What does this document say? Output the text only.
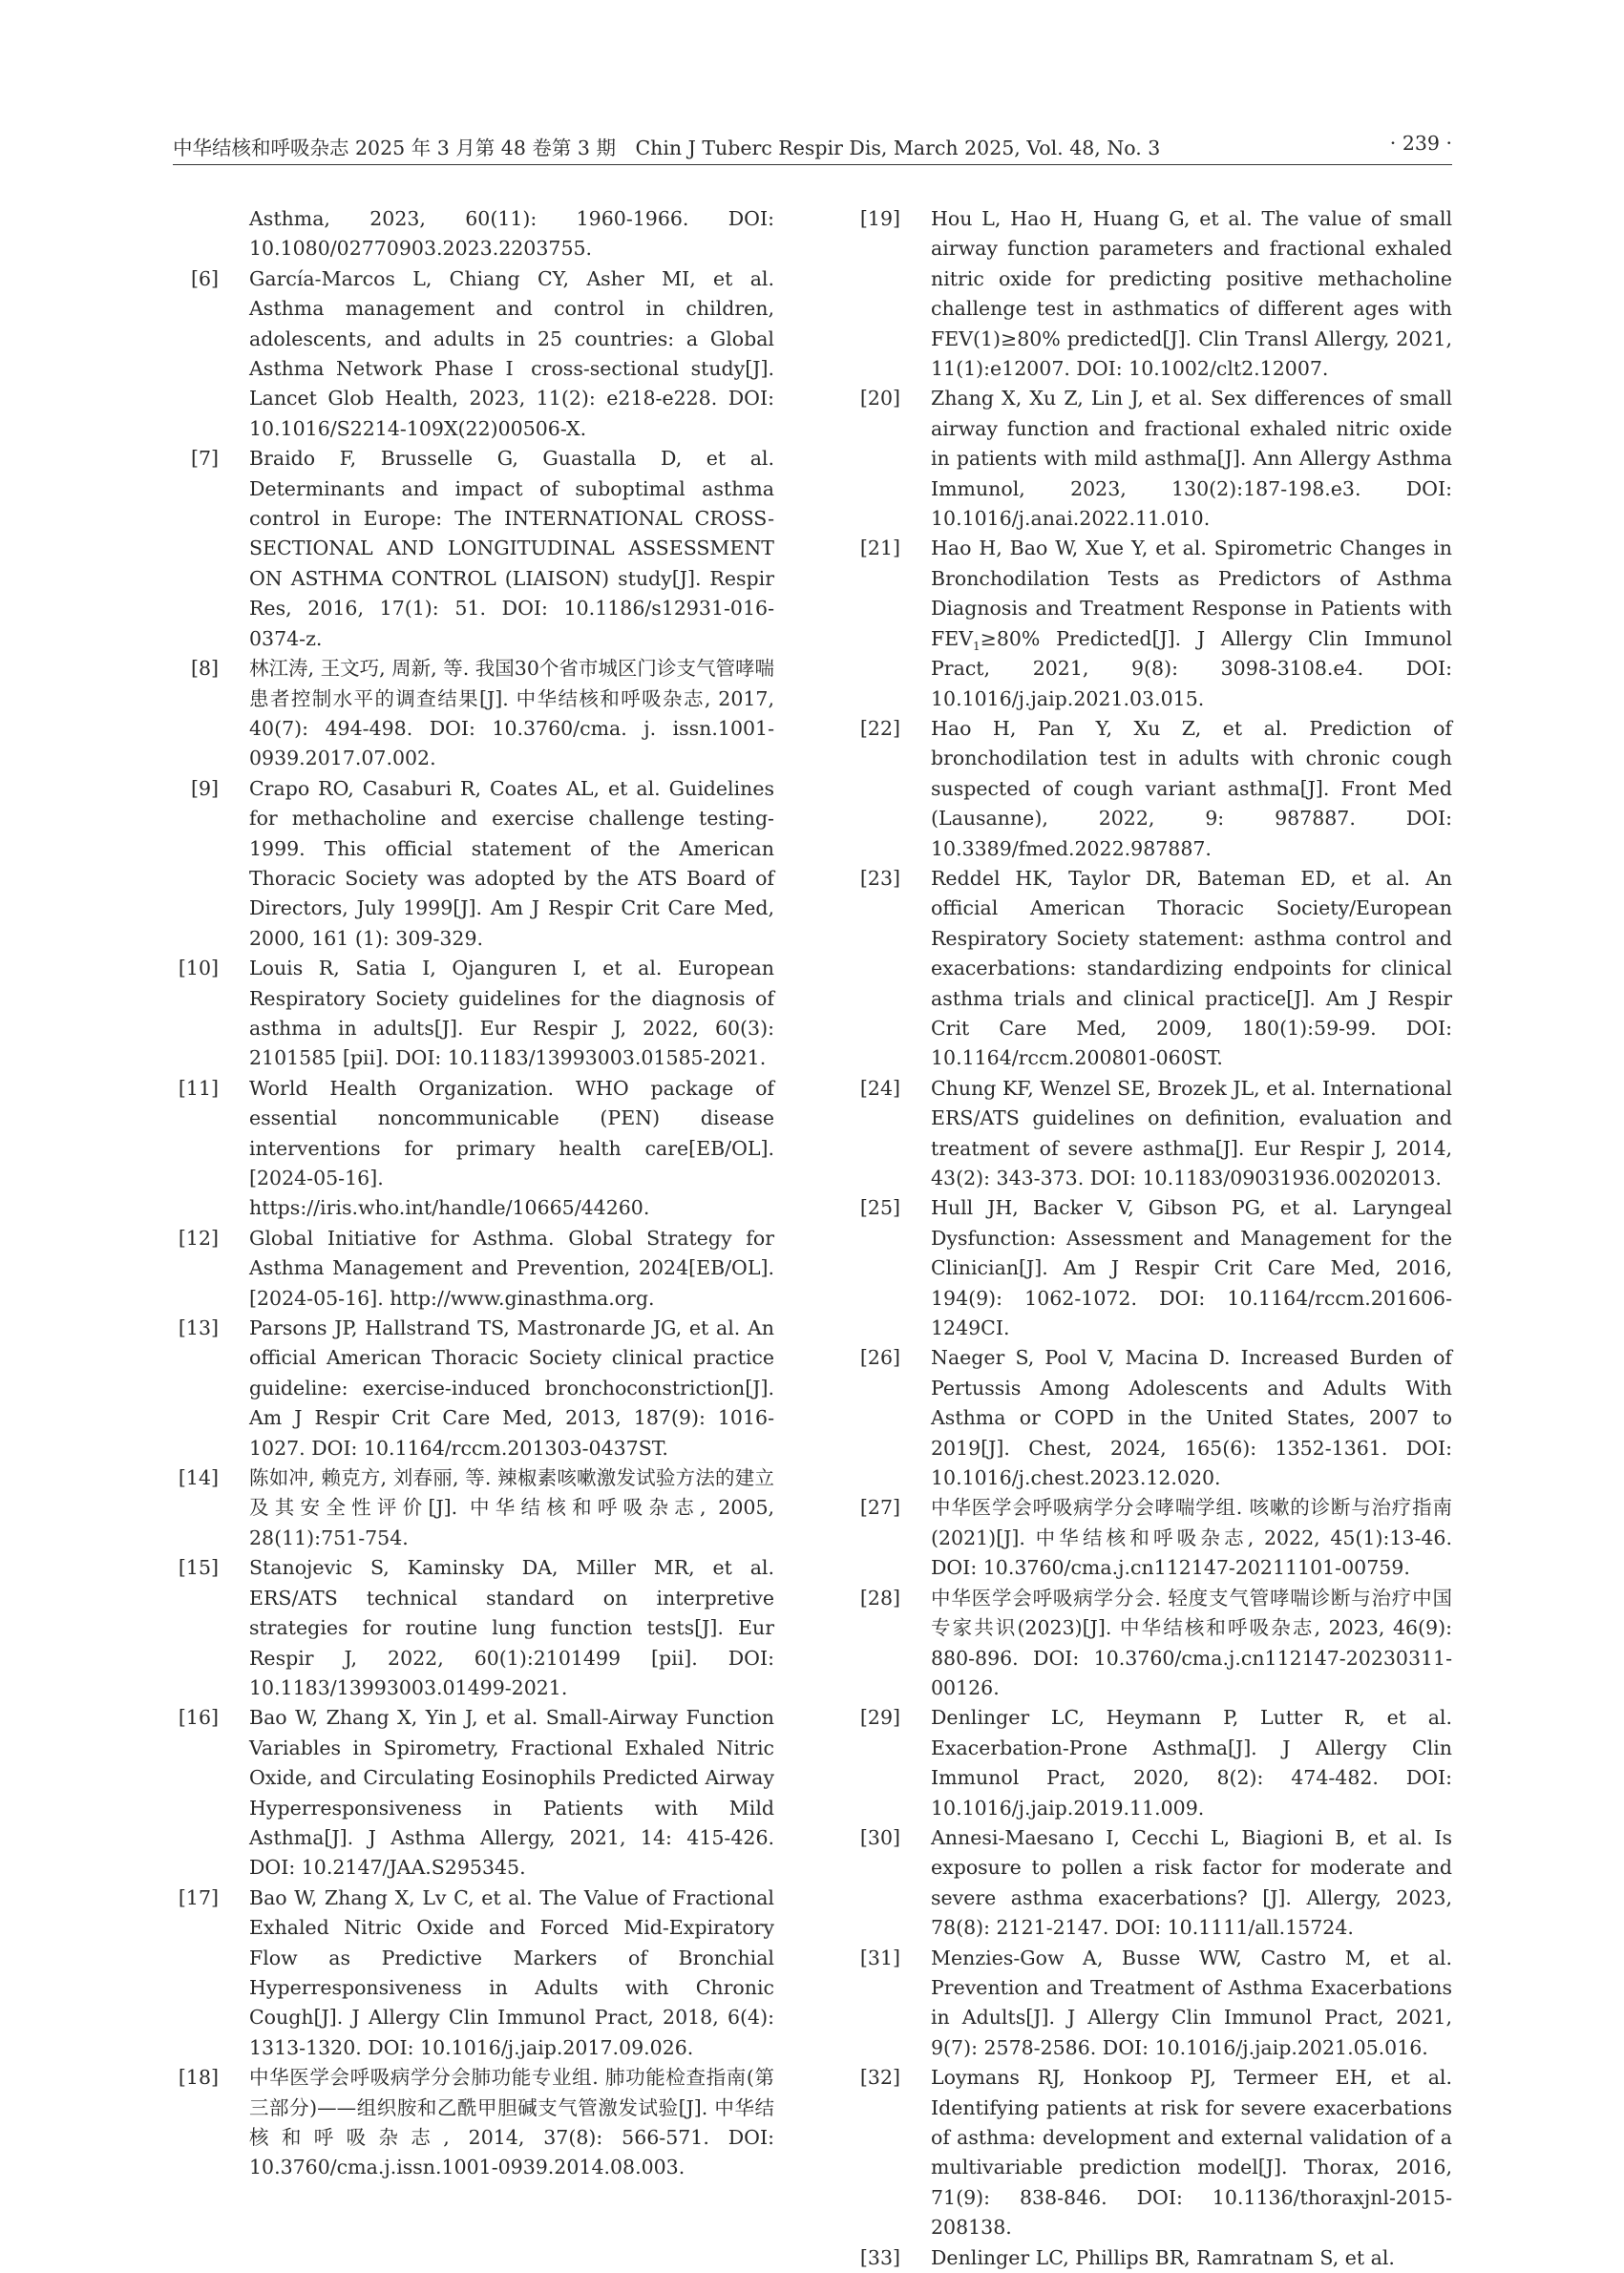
中华结核和呼吸杂志 2025 年 3 月第 48 卷第 3 期　Chin J Tuberc Respir Dis, March 2025, Vol. 48, No. 3	· 239 ·
Asthma, 2023, 60(11): 1960-1966. DOI: 10.1080/02770903.2023.2203755.
[6] García-Marcos L, Chiang CY, Asher MI, et al. Asthma management and control in children, adolescents, and adults in 25 countries: a Global Asthma Network Phase Ⅰ cross-sectional study[J]. Lancet Glob Health, 2023, 11(2): e218-e228. DOI: 10.1016/S2214-109X(22)00506-X.
[7] Braido F, Brusselle G, Guastalla D, et al. Determinants and impact of suboptimal asthma control in Europe: The INTERNATIONAL CROSS-SECTIONAL AND LONGITUDINAL ASSESSMENT ON ASTHMA CONTROL (LIAISON) study[J]. Respir Res, 2016, 17(1): 51. DOI: 10.1186/s12931-016-0374-z.
[8] 林江涛, 王文巧, 周新, 等. 我国30个省市城区门诊支气管哮喘患者控制水平的调查结果[J]. 中华结核和呼吸杂志, 2017, 40(7): 494-498. DOI: 10.3760/cma. j. issn.1001-0939.2017.07.002.
[9] Crapo RO, Casaburi R, Coates AL, et al. Guidelines for methacholine and exercise challenge testing-1999. This official statement of the American Thoracic Society was adopted by the ATS Board of Directors, July 1999[J]. Am J Respir Crit Care Med, 2000, 161 (1): 309-329.
[10] Louis R, Satia I, Ojanguren I, et al. European Respiratory Society guidelines for the diagnosis of asthma in adults[J]. Eur Respir J, 2022, 60(3): 2101585 [pii]. DOI: 10.1183/13993003.01585-2021.
[11] World Health Organization. WHO package of essential noncommunicable (PEN) disease interventions for primary health care[EB/OL]. [2024-05-16]. https://iris.who.int/handle/10665/44260.
[12] Global Initiative for Asthma. Global Strategy for Asthma Management and Prevention, 2024[EB/OL]. [2024-05-16]. http://www.ginasthma.org.
[13] Parsons JP, Hallstrand TS, Mastronarde JG, et al. An official American Thoracic Society clinical practice guideline: exercise-induced bronchoconstriction[J]. Am J Respir Crit Care Med, 2013, 187(9): 1016-1027. DOI: 10.1164/rccm.201303-0437ST.
[14] 陈如冲, 赖克方, 刘春丽, 等. 辣椒素咳嗽激发试验方法的建立及其安全性评价[J]. 中华结核和呼吸杂志, 2005, 28(11):751-754.
[15] Stanojevic S, Kaminsky DA, Miller MR, et al. ERS/ATS technical standard on interpretive strategies for routine lung function tests[J]. Eur Respir J, 2022, 60(1):2101499 [pii]. DOI: 10.1183/13993003.01499-2021.
[16] Bao W, Zhang X, Yin J, et al. Small-Airway Function Variables in Spirometry, Fractional Exhaled Nitric Oxide, and Circulating Eosinophils Predicted Airway Hyperresponsiveness in Patients with Mild Asthma[J]. J Asthma Allergy, 2021, 14: 415-426. DOI: 10.2147/JAA.S295345.
[17] Bao W, Zhang X, Lv C, et al. The Value of Fractional Exhaled Nitric Oxide and Forced Mid-Expiratory Flow as Predictive Markers of Bronchial Hyperresponsiveness in Adults with Chronic Cough[J]. J Allergy Clin Immunol Pract, 2018, 6(4): 1313-1320. DOI: 10.1016/j.jaip.2017.09.026.
[18] 中华医学会呼吸病学分会肺功能专业组. 肺功能检查指南(第三部分)——组织胺和乙酰甲胆碱支气管激发试验[J]. 中华结核和呼吸杂志, 2014, 37(8): 566-571. DOI: 10.3760/cma.j.issn.1001-0939.2014.08.003.
[19] Hou L, Hao H, Huang G, et al. The value of small airway function parameters and fractional exhaled nitric oxide for predicting positive methacholine challenge test in asthmatics of different ages with FEV(1)≥80% predicted[J]. Clin Transl Allergy, 2021, 11(1):e12007. DOI: 10.1002/clt2.12007.
[20] Zhang X, Xu Z, Lin J, et al. Sex differences of small airway function and fractional exhaled nitric oxide in patients with mild asthma[J]. Ann Allergy Asthma Immunol, 2023, 130(2):187-198.e3. DOI: 10.1016/j.anai.2022.11.010.
[21] Hao H, Bao W, Xue Y, et al. Spirometric Changes in Bronchodilation Tests as Predictors of Asthma Diagnosis and Treatment Response in Patients with $FEV_1\ge 80\%$ Predicted[J]. J Allergy Clin Immunol Pract, 2021, 9(8): 3098-3108.e4. DOI: 10.1016/j.jaip.2021.03.015.
[22] Hao H, Pan Y, Xu Z, et al. Prediction of bronchodilation test in adults with chronic cough suspected of cough variant asthma[J]. Front Med (Lausanne), 2022, 9: 987887. DOI: 10.3389/fmed.2022.987887.
[23] Reddel HK, Taylor DR, Bateman ED, et al. An official American Thoracic Society/European Respiratory Society statement: asthma control and exacerbations: standardizing endpoints for clinical asthma trials and clinical practice[J]. Am J Respir Crit Care Med, 2009, 180(1):59-99. DOI: 10.1164/rccm.200801-060ST.
[24] Chung KF, Wenzel SE, Brozek JL, et al. International ERS/ATS guidelines on definition, evaluation and treatment of severe asthma[J]. Eur Respir J, 2014, 43(2): 343-373. DOI: 10.1183/09031936.00202013.
[25] Hull JH, Backer V, Gibson PG, et al. Laryngeal Dysfunction: Assessment and Management for the Clinician[J]. Am J Respir Crit Care Med, 2016, 194(9): 1062-1072. DOI: 10.1164/rccm.201606-1249CI.
[26] Naeger S, Pool V, Macina D. Increased Burden of Pertussis Among Adolescents and Adults With Asthma or COPD in the United States, 2007 to 2019[J]. Chest, 2024, 165(6): 1352-1361. DOI: 10.1016/j.chest.2023.12.020.
[27] 中华医学会呼吸病学分会哮喘学组. 咳嗽的诊断与治疗指南(2021)[J]. 中华结核和呼吸杂志, 2022, 45(1):13-46. DOI: 10.3760/cma.j.cn112147-20211101-00759.
[28] 中华医学会呼吸病学分会. 轻度支气管哮喘诊断与治疗中国专家共识(2023)[J]. 中华结核和呼吸杂志, 2023, 46(9): 880-896. DOI: 10.3760/cma.j.cn112147-20230311-00126.
[29] Denlinger LC, Heymann P, Lutter R, et al. Exacerbation-Prone Asthma[J]. J Allergy Clin Immunol Pract, 2020, 8(2): 474-482. DOI: 10.1016/j.jaip.2019.11.009.
[30] Annesi-Maesano I, Cecchi L, Biagioni B, et al. Is exposure to pollen a risk factor for moderate and severe asthma exacerbations? [J]. Allergy, 2023, 78(8): 2121-2147. DOI: 10.1111/all.15724.
[31] Menzies-Gow A, Busse WW, Castro M, et al. Prevention and Treatment of Asthma Exacerbations in Adults[J]. J Allergy Clin Immunol Pract, 2021, 9(7): 2578-2586. DOI: 10.1016/j.jaip.2021.05.016.
[32] Loymans RJ, Honkoop PJ, Termeer EH, et al. Identifying patients at risk for severe exacerbations of asthma: development and external validation of a multivariable prediction model[J]. Thorax, 2016, 71(9): 838-846. DOI: 10.1136/thoraxjnl-2015-208138.
[33] Denlinger LC, Phillips BR, Ramratnam S, et al.
